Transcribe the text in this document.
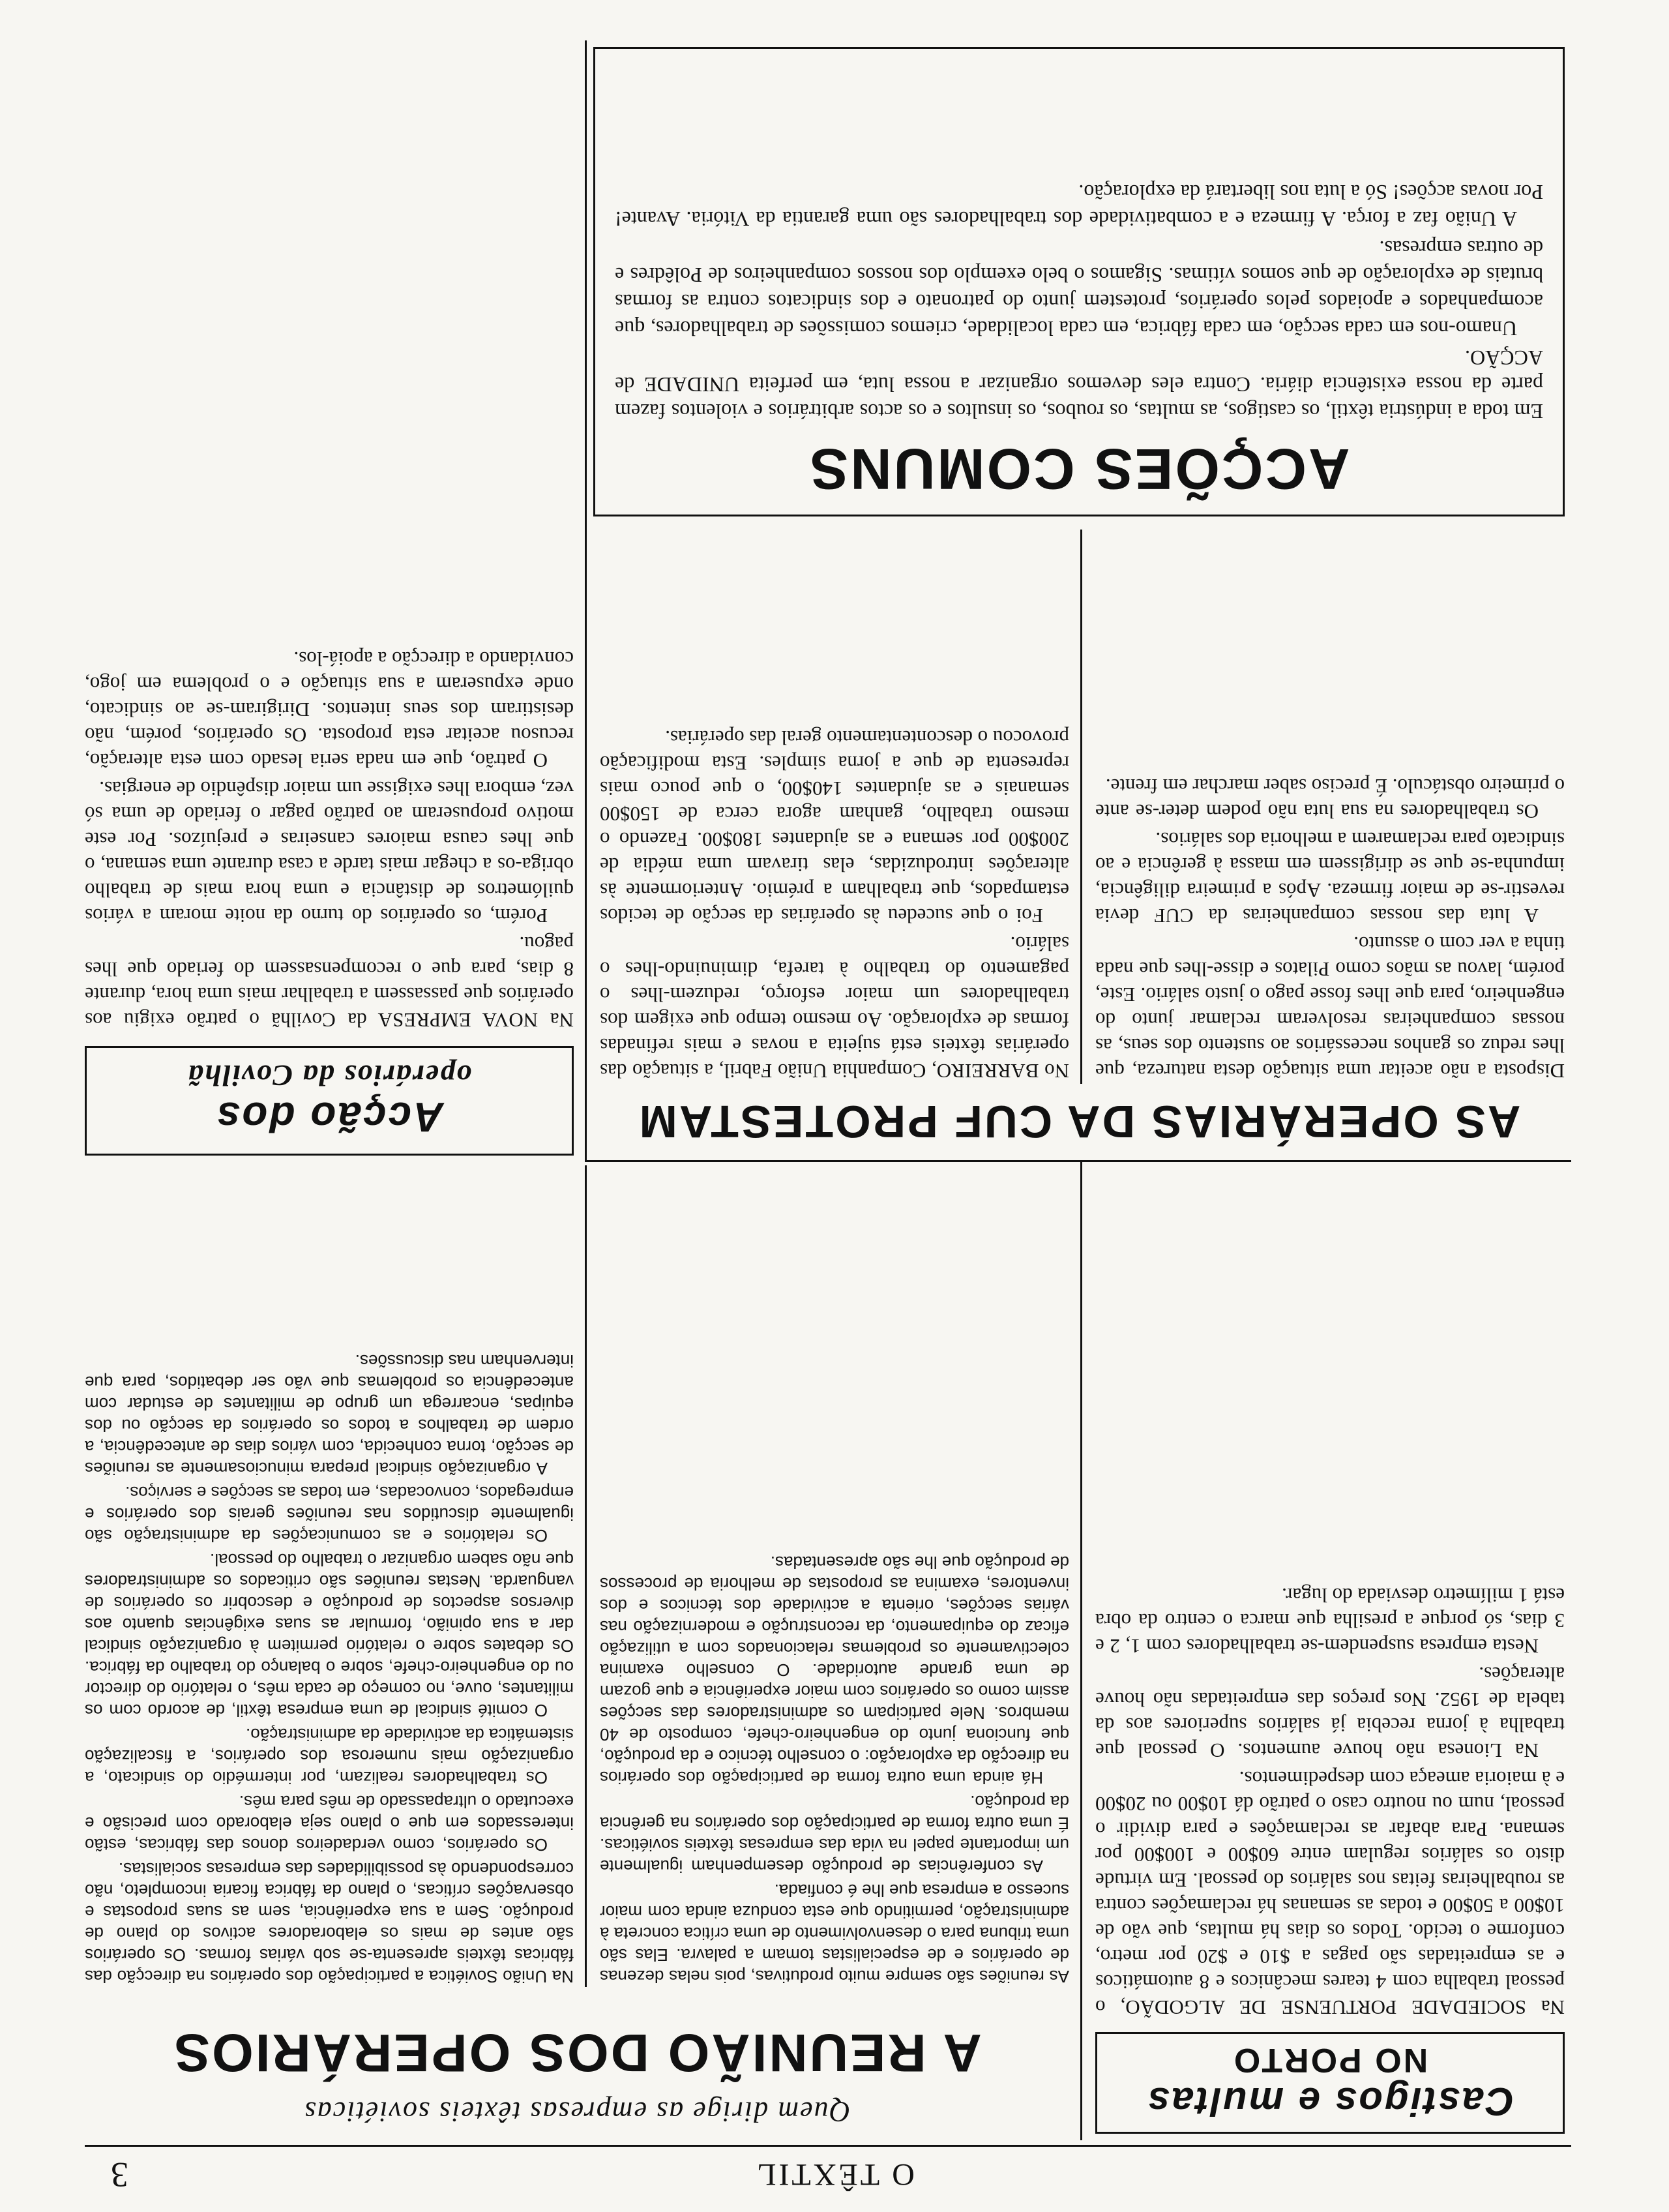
O TÊXTIL
3
Castigos e multas
NO PORTO

Na SOCIEDADE PORTUENSE DE ALGODÃO, o pessoal trabalha com 4 teares mecânicos e 8 automáticos e as empreitadas são pagas a $10 e $20 por metro, conforme o tecido. Todos os dias há multas, que vão de 10$00 a 50$00 e todas as semanas há reclamações contra as roubalheiras feitas nos salários do pessoal. Em virtude disto os salários regulam entre 60$00 e 100$00 por semana. Para abafar as reclamações e para dividir o pessoal, num ou noutro caso o patrão dá 10$00 ou 20$00 e à maioria ameaça com despedimentos.

Na Lionesa não houve aumentos. O pessoal que trabalha à jorna recebia já salários superiores aos da tabela de 1952. Nos preços das empreitadas não houve alterações.

Nesta empresa suspendem-se trabalhadores com 1, 2 e 3 dias, só porque a presilha que marca o centro da obra está 1 milímetro desviada do lugar.

Quem dirige as empresas têxteis soviéticas
A REUNIÃO DOS OPERÁRIOS

As reuniões são sempre muito produtivas, pois nelas dezenas de operários e de especialistas tomam a palavra. Elas são uma tribuna para o desenvolvimento de uma crítica concreta à administração, permitindo que esta conduza ainda com maior sucesso a empresa que lhe é confiada.

As conferências de produção desempenham igualmente um importante papel na vida das empresas têxteis soviéticas. É uma outra forma de participação dos operários na gerência da produção.

Há ainda uma outra forma de participação dos operários na direcção da exploração: o conselho técnico e da produção, que funciona junto do engenheiro-chefe, composto de 40 membros. Nele participam os administradores das secções assim como os operários com maior experiência e que gozam de uma grande autoridade. O conselho examina colectivamente os problemas relacionados com a utilização eficaz do equipamento, da reconstrução e modernização nas várias secções, orienta a actividade dos técnicos e dos inventores, examina as propostas de melhoria de processos de produção que lhe são apresentadas.

Na União Soviética a participação dos operários na direcção das fábricas têxteis apresenta-se sob várias formas. Os operários são antes de mais os elaboradores activos do plano de produção. Sem a sua experiência, sem as suas propostas e observações críticas, o plano da fábrica ficaria incompleto, não correspondendo às possibilidades das empresas socialistas.

Os operários, como verdadeiros donos das fábricas, estão interessados em que o plano seja elaborado com precisão e executado o ultrapassado de mês para mês.

Os trabalhadores realizam, por intermédio do sindicato, a organização mais numerosa dos operários, a fiscalização sistemática da actividade da administração.

O comité sindical de uma empresa têxtil, de acordo com os militantes, ouve, no começo de cada mês, o relatório do director ou do engenheiro-chefe, sobre o balanço do trabalho da fábrica. Os debates sobre o relatório permitem à organização sindical dar a sua opinião, formular as suas exigências quanto aos diversos aspectos de produção e descobrir os operários de vanguarda. Nestas reuniões são criticados os administradores que não sabem organizar o trabalho do pessoal.

Os relatórios e as comunicações da administração são igualmente discutidos nas reuniões gerais dos operários e empregados, convocadas, em todas as secções e serviços.

A organização sindical prepara minuciosamente as reuniões de secção, torna conhecida, com vários dias de antecedência, a ordem de trabalhos a todos os operários da secção ou dos equipas, encarrega um grupo de militantes de estudar com antecedência os problemas que vão ser debatidos, para que intervenham nas discussões.

AS OPERÁRIAS DA CUF PROTESTAM

Disposta a não aceitar uma situação desta natureza, que lhes reduz os ganhos necessários ao sustento dos seus, as nossas companheiras resolveram reclamar junto do engenheiro, para que lhes fosse pago o justo salário. Este, porém, lavou as mãos como Pilatos e disse-lhes que nada tinha a ver com o assunto.

A luta das nossas companheiras da CUF devia revestir-se de maior firmeza. Após a primeira diligência, impunha-se que se dirigissem em massa à gerência e ao sindicato para reclamarem a melhoria dos salários.

Os trabalhadores na sua luta não podem deter-se ante o primeiro obstáculo. É preciso saber marchar em frente.

No BARREIRO, Companhia União Fabril, a situação das operárias têxteis está sujeita a novas e mais refinadas formas de exploração. Ao mesmo tempo que exigem dos trabalhadores um maior esforço, reduzem-lhes o pagamento do trabalho à tarefa, diminuindo-lhes o salário.

Foi o que sucedeu às operárias da secção de tecidos estampados, que trabalham a prémio. Anteriormente às alterações introduzidas, elas tiravam uma média de 200$00 por semana e as ajudantes 180$00. Fazendo o mesmo trabalho, ganham agora cerca de 150$00 semanais e as ajudantes 140$00, o que pouco mais representa de que a jorna simples. Esta modificação provocou o descontentamento geral das operárias.

Acção dos
operários da Covilhã

Na NOVA EMPRESA da Covilhã o patrão exigiu aos operários que passassem a trabalhar mais uma hora, durante 8 dias, para que o recompensassem do feriado que lhes pagou.

Porém, os operários do turno da noite moram a vários quilómetros de distância e uma hora mais de trabalho obriga-os a chegar mais tarde a casa durante uma semana, o que lhes causa maiores canseiras e prejuízos. Por este motivo propuseram ao patrão pagar o feriado de uma só vez, embora lhes exigisse um maior dispêndio de energias.

O patrão, que em nada seria lesado com esta alteração, recusou aceitar esta proposta. Os operários, porém, não desistiram dos seus intentos. Dirigiram-se ao sindicato, onde expuseram a sua situação e o problema em jogo, convidando a direcção a apoiá-los.

ACÇÕES COMUNS

Em toda a indústria têxtil, os castigos, as multas, os roubos, os insultos e os actos arbitrários e violentos fazem parte da nossa existência diária. Contra eles devemos organizar a nossa luta, em perfeita UNIDADE de ACÇÃO.

Unamo-nos em cada secção, em cada fábrica, em cada localidade, criemos comissões de trabalhadores, que acompanhados e apoiados pelos operários, protestem junto do patronato e dos sindicatos contra as formas brutais de exploração de que somos vítimas. Sigamos o belo exemplo dos nossos companheiros de Polêdres e de outras empresas.

A União faz a força. A firmeza e a combatividade dos trabalhadores são uma garantia da Vitória. Avante! Por novas acções! Só a luta nos libertará da exploração.
